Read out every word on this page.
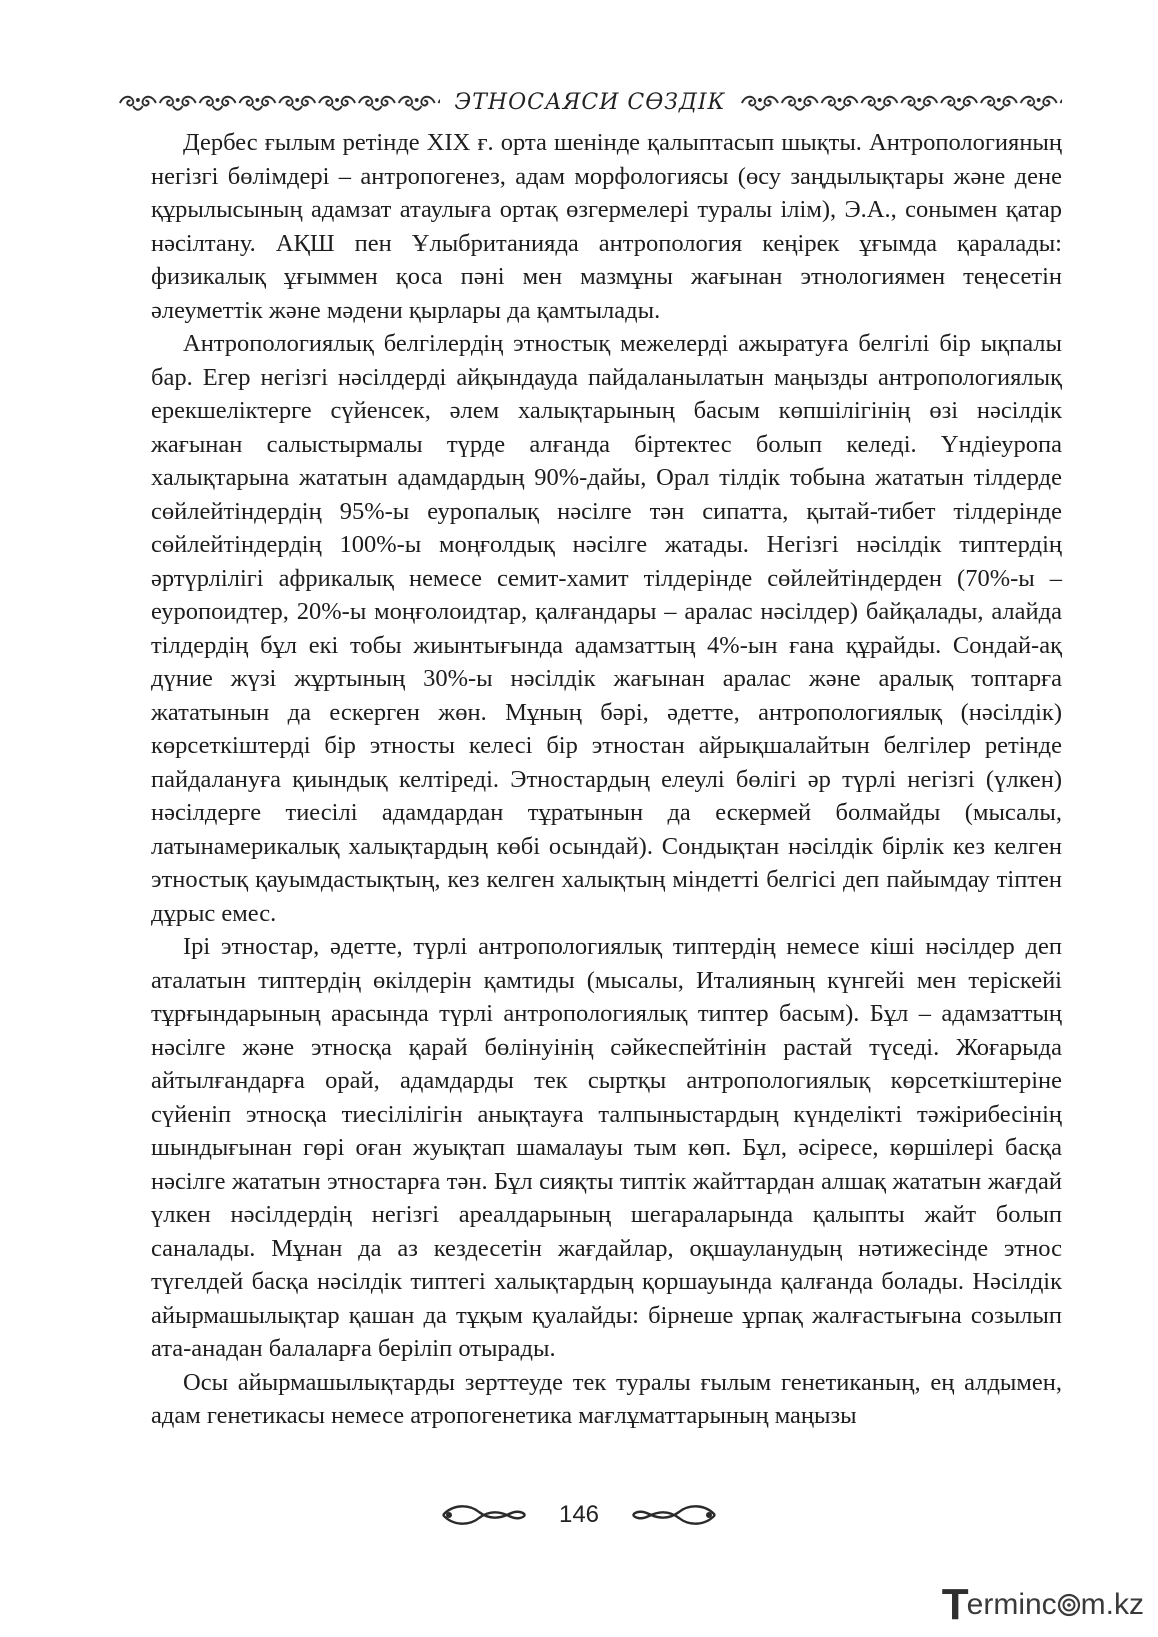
ЭТНОСАЯСИ СӨЗДІК

Дербес ғылым ретінде XIX ғ. орта шенінде қалыптасып шықты. Антропологияның негізгі бөлімдері – антропогенез, адам морфологиясы (өсу заңдылықтары және дене құрылысының адамзат атаулыға ортақ өзгермелері туралы ілім), Э.А., сонымен қатар нәсілтану. АҚШ пен Ұлыбританияда антропология кеңірек ұғымда қаралады: физикалық ұғыммен қоса пәні мен мазмұны жағынан этнологиямен теңесетін әлеуметтік және мәдени қырлары да қамтылады.

Антропологиялық белгілердің этностық межелерді ажыратуға белгілі бір ықпалы бар. Егер негізгі нәсілдерді айқындауда пайдаланылатын маңызды антропологиялық ерекшеліктерге сүйенсек, әлем халықтарының басым көпшілігінің өзі нәсілдік жағынан салыстырмалы түрде алғанда біртектес болып келеді. Үндіеуропа халықтарына жататын адамдардың 90%-дайы, Орал тілдік тобына жататын тілдерде сөйлейтіндердің 95%-ы еуропалық нәсілге тән сипатта, қытай-тибет тілдерінде сөйлейтіндердің 100%-ы моңғолдық нәсілге жатады. Негізгі нәсілдік типтердің әртүрлілігі африкалық немесе семит-хамит тілдерінде сөйлейтіндерден (70%-ы – еуропоидтер, 20%-ы моңғолоидтар, қалғандары – аралас нәсілдер) байқалады, алайда тілдердің бұл екі тобы жиынтығында адамзаттың 4%-ын ғана құрайды. Сондай-ақ дүние жүзі жұртының 30%-ы нәсілдік жағынан аралас және аралық топтарға жататынын да ескерген жөн. Мұның бәрі, әдетте, антропологиялық (нәсілдік) көрсеткіштерді бір этносты келесі бір этностан айрықшалайтын белгілер ретінде пайдалануға қиындық келтіреді. Этностардың елеулі бөлігі әр түрлі негізгі (үлкен) нәсілдерге тиесілі адамдардан тұратынын да ескермей болмайды (мысалы, латынамерикалық халықтардың көбі осындай). Сондықтан нәсілдік бірлік кез келген этностық қауымдастықтың, кез келген халықтың міндетті белгісі деп пайымдау тіптен дұрыс емес.

Ірі этностар, әдетте, түрлі антропологиялық типтердің немесе кіші нәсілдер деп аталатын типтердің өкілдерін қамтиды (мысалы, Италияның күнгейі мен теріскейі тұрғындарының арасында түрлі антропологиялық типтер басым). Бұл – адамзаттың нәсілге және этносқа қарай бөлінуінің сәйкеспейтінін растай түседі. Жоғарыда айтылғандарға орай, адамдарды тек сыртқы антропологиялық көрсеткіштеріне сүйеніп этносқа тиесілілігін анықтауға талпыныстардың күнделікті тәжірибесінің шындығынан гөрі оған жуықтап шамалауы тым көп. Бұл, әсіресе, көршілері басқа нәсілге жататын этностарға тән. Бұл сияқты типтік жайттардан алшақ жататын жағдай үлкен нәсілдердің негізгі ареалдарының шегараларында қалыпты жайт болып саналады. Мұнан да аз кездесетін жағдайлар, оқшауланудың нәтижесінде этнос түгелдей басқа нәсілдік типтегі халықтардың қоршауында қалғанда болады. Нәсілдік айырмашылықтар қашан да тұқым қуалайды: бірнеше ұрпақ жалғастығына созылып ата-анадан балаларға беріліп отырады.

Осы айырмашылықтарды зерттеуде тек туралы ғылым генетиканың, ең алдымен, адам генетикасы немесе атропогенетика мағлұматтарының маңызы

146
T
erminc m.kz
